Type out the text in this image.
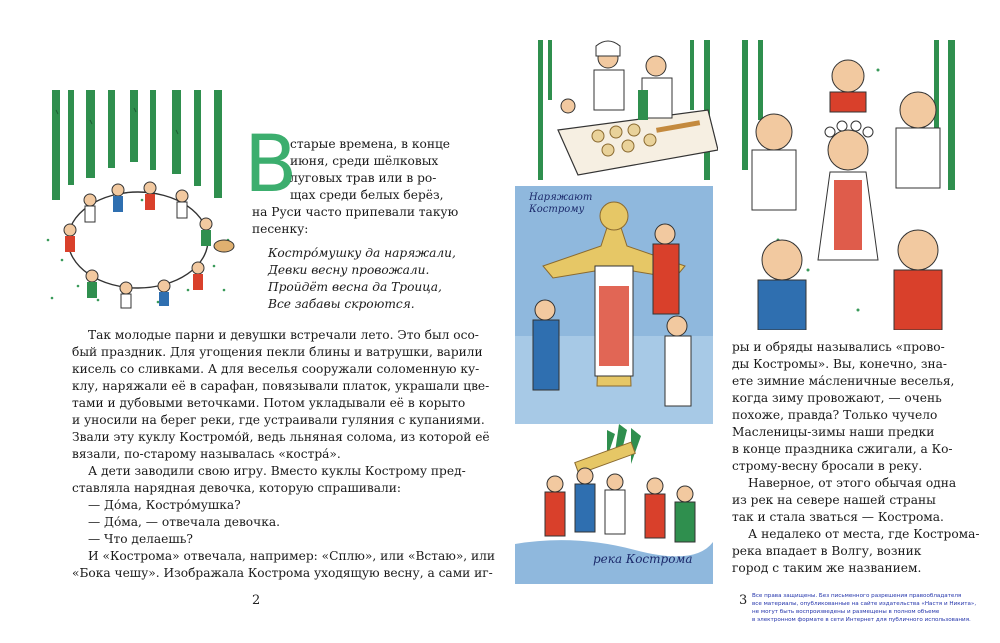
В
старые времена, в конце
июня, среди шёлковых
луговых трав или в ро-
щах среди белых берёз,
на Руси часто припевали такую
песенку:
Костро́мушку да наряжали,
Девки весну провожали.
Пройдёт весна да Троица,
Все забавы скроются.

Так молодые парни и девушки встречали лето. Это был осо-

бый праздник. Для угощения пекли блины и ватрушки, варили

кисель со сливками. А для веселья сооружали соломенную ку-

клу, наряжали её в сарафан, повязывали платок, украшали цве-

тами и дубовыми веточками. Потом укладывали её в корыто

и уносили на берег реки, где устраивали гуляния с купаниями.

Звали эту куклу Костромо́й, ведь льняная солома, из которой её

вязали, по-старому называлась «костра́».

А дети заводили свою игру. Вместо куклы Кострому пред-

ставляла нарядная девочка, которую спрашивали:

— До́ма, Костро́мушка?

— До́ма, — отвечала девочка.

— Что делаешь?

И «Кострома» отвечала, например: «Сплю», или «Встаю», или

«Бока чешу». Изображала Кострома уходящую весну, а сами иг-

2
Наряжают Кострому
река Кострома

ры и обряды назывались «прово-

ды Костромы». Вы, конечно, зна-

ете зимние ма́сленичные веселья,

когда зиму провожают, — очень

похоже, правда? Только чучело

Масленицы-зимы наши предки

в конце праздника сжигали, а Ко-

строму-весну бросали в реку.

Наверное, от этого обычая одна

из рек на севере нашей страны

так и стала зваться — Кострома.

А недалеко от места, где Кострома-

река впадает в Волгу, возник

город с таким же названием.

3 Все права защищены. Без письменного разрешения правообладателя
все материалы, опубликованные на сайте издательства «Настя и Никита»,
не могут быть воспроизведены и размещены в полном объеме
в электронном формате в сети Интернет для публичного использования.
